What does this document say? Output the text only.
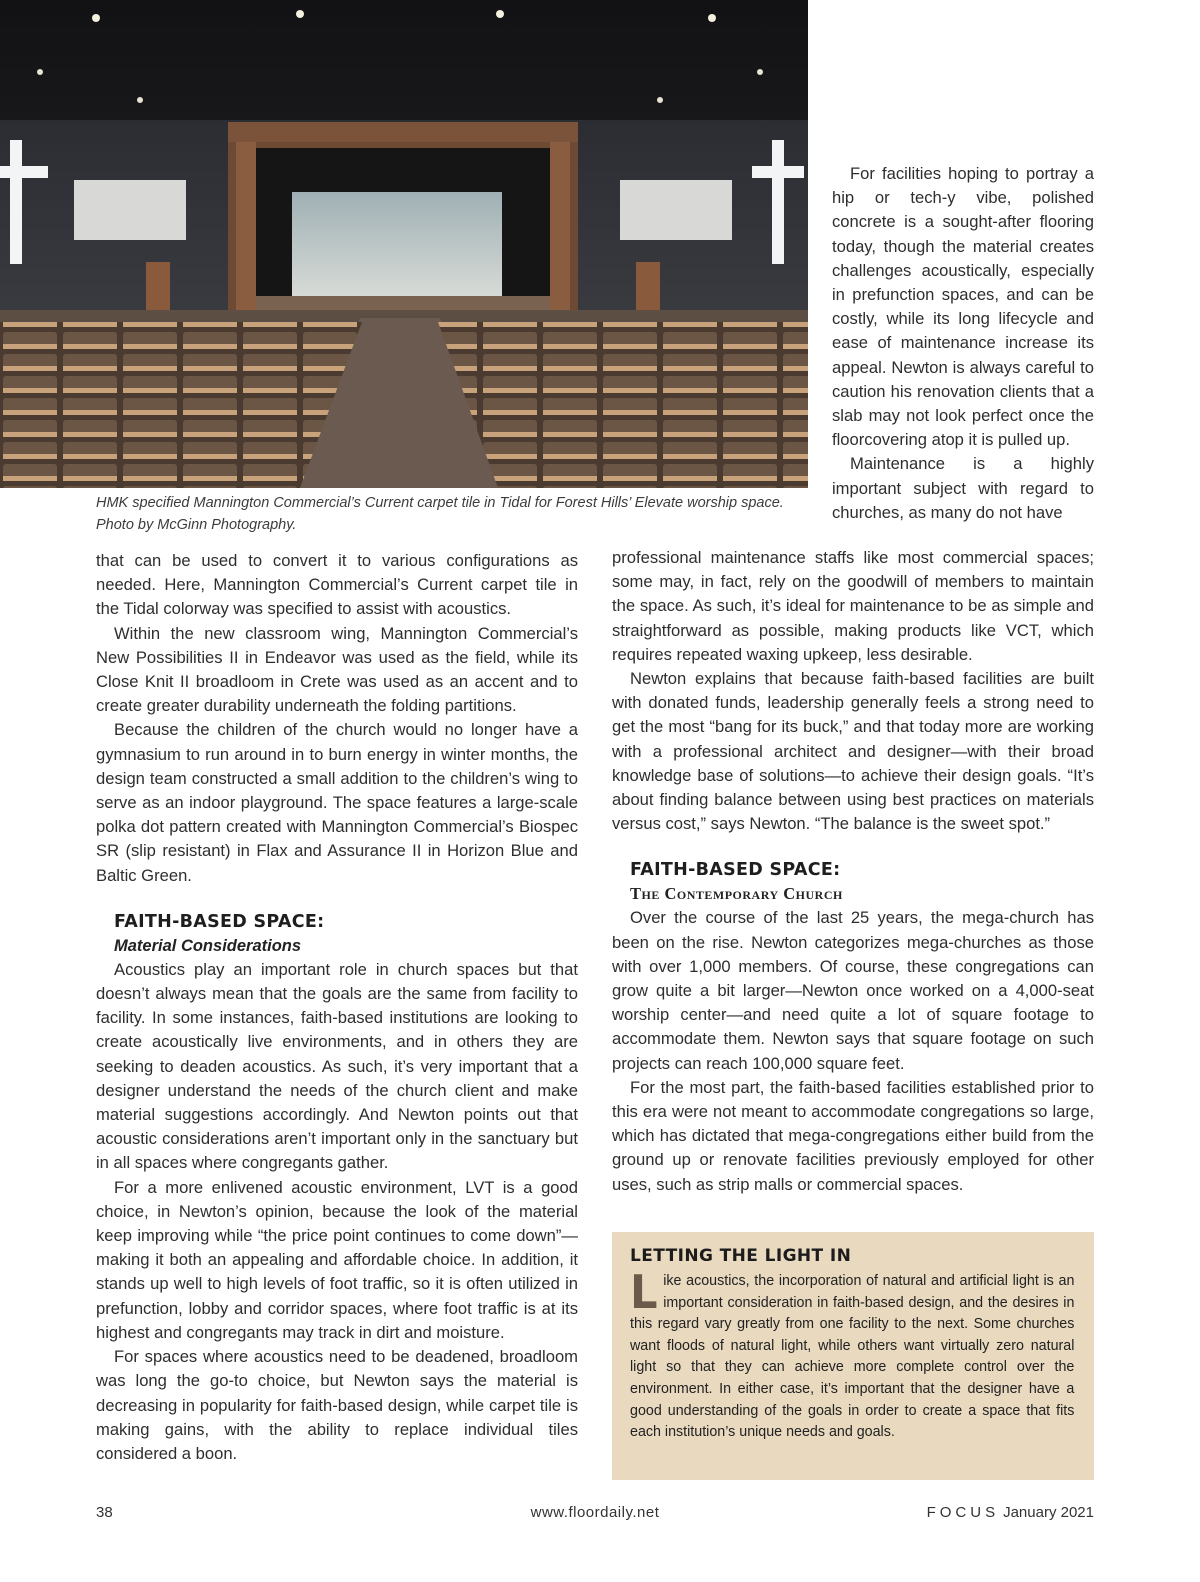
HMK specified Mannington Commercial’s Current carpet tile in Tidal for Forest Hills’ Elevate worship space.

Photo by McGinn Photography.

For facilities hoping to portray a hip or tech-y vibe, polished concrete is a sought-after flooring today, though the material creates challenges acoustically, especially in prefunction spaces, and can be costly, while its long lifecycle and ease of maintenance increase its appeal. Newton is always careful to caution his renovation clients that a slab may not look perfect once the floorcovering atop it is pulled up.

Maintenance is a highly important subject with regard to churches, as many do not have

that can be used to convert it to various configurations as needed. Here, Mannington Commercial’s Current carpet tile in the Tidal colorway was specified to assist with acoustics.

Within the new classroom wing, Mannington Commercial’s New Possibilities II in Endeavor was used as the field, while its Close Knit II broadloom in Crete was used as an accent and to create greater durability underneath the folding partitions.

Because the children of the church would no longer have a gymnasium to run around in to burn energy in winter months, the design team constructed a small addition to the children’s wing to serve as an indoor playground. The space features a large-scale polka dot pattern created with Mannington Commercial’s Biospec SR (slip resistant) in Flax and Assurance II in Horizon Blue and Baltic Green.

FAITH-BASED SPACE:

Material Considerations

Acoustics play an important role in church spaces but that doesn’t always mean that the goals are the same from facility to facility. In some instances, faith-based institutions are looking to create acoustically live environments, and in others they are seeking to deaden acoustics. As such, it’s very important that a designer understand the needs of the church client and make material suggestions accordingly. And Newton points out that acoustic considerations aren’t important only in the sanctuary but in all spaces where congregants gather.

For a more enlivened acoustic environment, LVT is a good choice, in Newton’s opinion, because the look of the material keep improving while “the price point continues to come down”—making it both an appealing and affordable choice. In addition, it stands up well to high levels of foot traffic, so it is often utilized in prefunction, lobby and corridor spaces, where foot traffic is at its highest and congregants may track in dirt and moisture.

For spaces where acoustics need to be deadened, broadloom was long the go-to choice, but Newton says the material is decreasing in popularity for faith-based design, while carpet tile is making gains, with the ability to replace individual tiles considered a boon.

professional maintenance staffs like most commercial spaces; some may, in fact, rely on the goodwill of members to maintain the space. As such, it’s ideal for maintenance to be as simple and straightforward as possible, making products like VCT, which requires repeated waxing upkeep, less desirable.

Newton explains that because faith-based facilities are built with donated funds, leadership generally feels a strong need to get the most “bang for its buck,” and that today more are working with a professional architect and designer—with their broad knowledge base of solutions—to achieve their design goals. “It’s about finding balance between using best practices on materials versus cost,” says Newton. “The balance is the sweet spot.”

FAITH-BASED SPACE:

The Contemporary Church

Over the course of the last 25 years, the mega-church has been on the rise. Newton categorizes mega-churches as those with over 1,000 members. Of course, these congregations can grow quite a bit larger—Newton once worked on a 4,000-seat worship center—and need quite a lot of square footage to accommodate them. Newton says that square footage on such projects can reach 100,000 square feet.

For the most part, the faith-based facilities established prior to this era were not meant to accommodate congregations so large, which has dictated that mega-congregations either build from the ground up or renovate facilities previously employed for other uses, such as strip malls or commercial spaces.

LETTING THE LIGHT IN

Like acoustics, the incorporation of natural and artificial light is an important consideration in faith-based design, and the desires in this regard vary greatly from one facility to the next. Some churches want floods of natural light, while others want virtually zero natural light so that they can achieve more complete control over the environment. In either case, it’s important that the designer have a good understanding of the goals in order to create a space that fits each institution’s unique needs and goals.

38	www.floordaily.net	FOCUS January 2021
